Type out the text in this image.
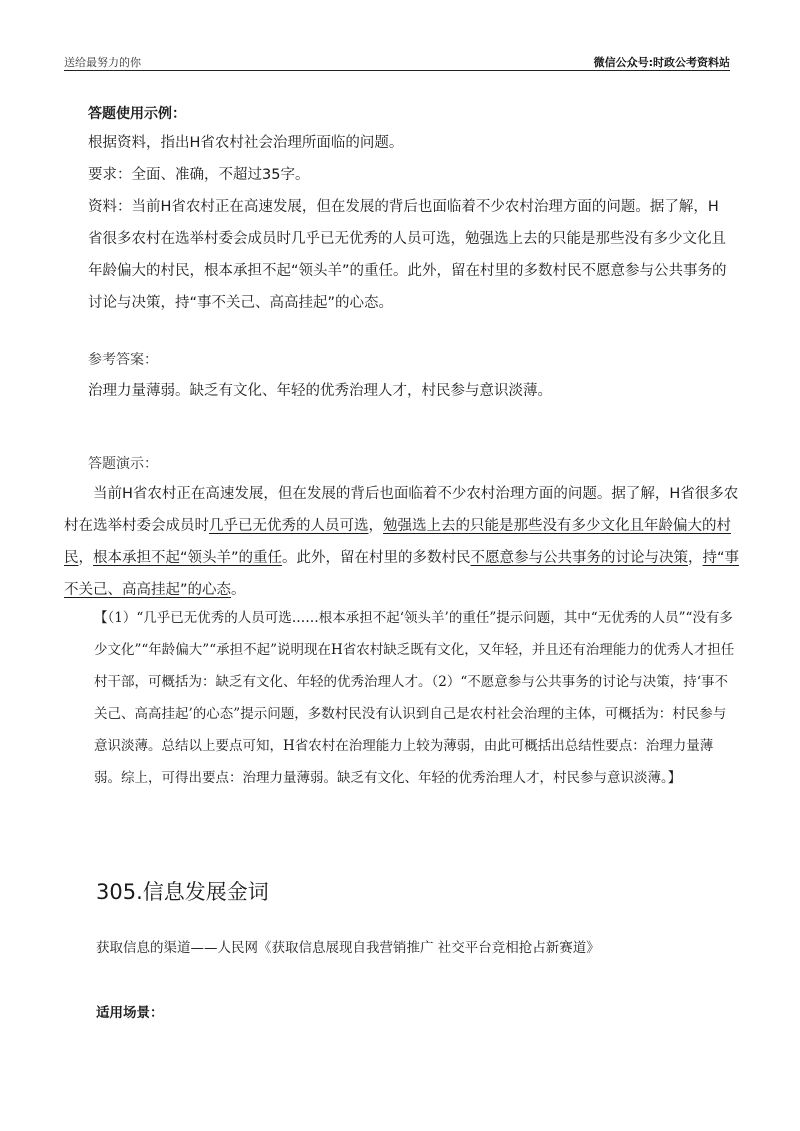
送给最努力的你	微信公众号:时政公考资料站
答题使用示例：
根据资料，指出H省农村社会治理所面临的问题。
要求：全面、准确，不超过35字。
资料：当前H省农村正在高速发展，但在发展的背后也面临着不少农村治理方面的问题。据了解，H省很多农村在选举村委会成员时几乎已无优秀的人员可选，勉强选上去的只能是那些没有多少文化且年龄偏大的村民，根本承担不起“领头羊”的重任。此外，留在村里的多数村民不愿意参与公共事务的讨论与决策，持“事不关己、高高挂起”的心态。
参考答案：
治理力量薄弱。缺乏有文化、年轻的优秀治理人才，村民参与意识淡薄。
答题演示：
当前H省农村正在高速发展，但在发展的背后也面临着不少农村治理方面的问题。据了解，H省很多农村在选举村委会成员时几乎已无优秀的人员可选，勉强选上去的只能是那些没有多少文化且年龄偏大的村民，根本承担不起“领头羊”的重任。此外，留在村里的多数村民不愿意参与公共事务的讨论与决策，持“事不关己、高高挂起”的心态。
【（1）“几乎已无优秀的人员可选……根本承担不起‘领头羊’的重任”提示问题，其中“无优秀的人员”“没有多少文化”“年龄偏大”“承担不起”说明现在H省农村缺乏既有文化，又年轻，并且还有治理能力的优秀人才担任村干部，可概括为：缺乏有文化、年轻的优秀治理人才。（2）“不愿意参与公共事务的讨论与决策，持‘事不关己、高高挂起’的心态”提示问题，多数村民没有认识到自己是农村社会治理的主体，可概括为：村民参与意识淡薄。总结以上要点可知，H省农村在治理能力上较为薄弱，由此可概括出总结性要点：治理力量薄弱。综上，可得出要点：治理力量薄弱。缺乏有文化、年轻的优秀治理人才，村民参与意识淡薄。】
305.信息发展金词
获取信息的渠道——人民网《获取信息展现自我营销推广 社交平台竞相抢占新赛道》
适用场景：
